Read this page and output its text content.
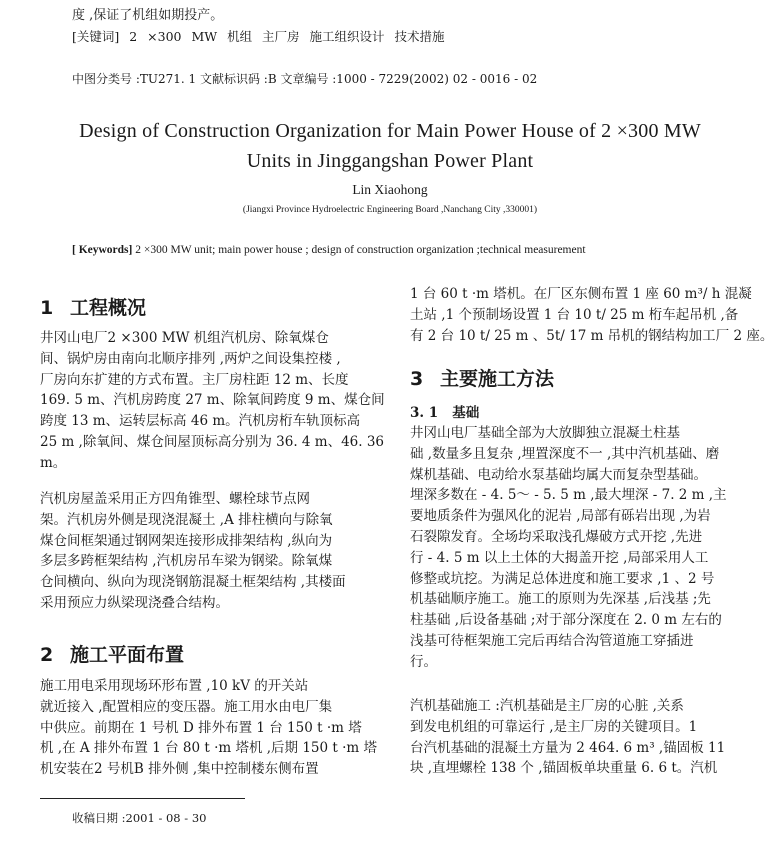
度 ,保证了机组如期投产。
[关键词] 2 ×300 MW 机组 主厂房 施工组织设计 技术措施
中图分类号 :TU271. 1 文献标识码 :B 文章编号 :1000 - 7229(2002) 02 - 0016 - 02
Design of Construction Organization for Main Power House of 2 ×300 MW
Units in Jinggangshan Power Plant
Lin Xiaohong
(Jiangxi Province Hydroelectric Engineering Board ,Nanchang City ,330001)
[ Keywords] 2 ×300 MW unit; main power house ; design of construction organization ;technical measurement
1 工程概况
井冈山电厂2 ×300 MW 机组汽机房、除氧煤仓
间、锅炉房由南向北顺序排列 ,两炉之间设集控楼 ,
厂房向东扩建的方式布置。主厂房柱距 12 m、长度
169. 5 m、汽机房跨度 27 m、除氧间跨度 9 m、煤仓间
跨度 13 m、运转层标高 46 m。汽机房桁车轨顶标高
25 m ,除氧间、煤仓间屋顶标高分别为 36. 4 m、46. 36
m。
汽机房屋盖采用正方四角锥型、螺栓球节点网
架。汽机房外侧是现浇混凝土 ,A 排柱横向与除氧
煤仓间框架通过钢网架连接形成排架结构 ,纵向为
多层多跨框架结构 ,汽机房吊车梁为钢梁。除氧煤
仓间横向、纵向为现浇钢筋混凝土框架结构 ,其楼面
采用预应力纵梁现浇叠合结构。
2 施工平面布置
施工用电采用现场环形布置 ,10 kV 的开关站
就近接入 ,配置相应的变压器。施工用水由电厂集
中供应。前期在 1 号机 D 排外布置 1 台 150 t ·m 塔
机 ,在 A 排外布置 1 台 80 t ·m 塔机 ,后期 150 t ·m 塔
机安装在2 号机B 排外侧 ,集中控制楼东侧布置
收稿日期 :2001 - 08 - 30
1 台 60 t ·m 塔机。在厂区东侧布置 1 座 60 m³/ h 混凝
土站 ,1 个预制场设置 1 台 10 t/ 25 m 桁车起吊机 ,备
有 2 台 10 t/ 25 m 、5t/ 17 m 吊机的钢结构加工厂 2 座。
3 主要施工方法
3. 1 基础
井冈山电厂基础全部为大放脚独立混凝土柱基
础 ,数量多且复杂 ,埋置深度不一 ,其中汽机基础、磨
煤机基础、电动给水泵基础均属大而复杂型基础。
埋深多数在 - 4. 5～ - 5. 5 m ,最大埋深 - 7. 2 m ,主
要地质条件为强风化的泥岩 ,局部有砾岩出现 ,为岩
石裂隙发育。全场均采取浅孔爆破方式开挖 ,先进
行 - 4. 5 m 以上土体的大揭盖开挖 ,局部采用人工
修整或坑挖。为满足总体进度和施工要求 ,1 、2 号
机基础顺序施工。施工的原则为先深基 ,后浅基 ;先
柱基础 ,后设备基础 ;对于部分深度在 2. 0 m 左右的
浅基可待框架施工完后再结合沟管道施工穿插进
行。
汽机基础施工 :汽机基础是主厂房的心脏 ,关系
到发电机组的可靠运行 ,是主厂房的关键项目。1
台汽机基础的混凝土方量为 2 464. 6 m³ ,锚固板 11
块 ,直埋螺栓 138 个 ,锚固板单块重量 6. 6 t。汽机
